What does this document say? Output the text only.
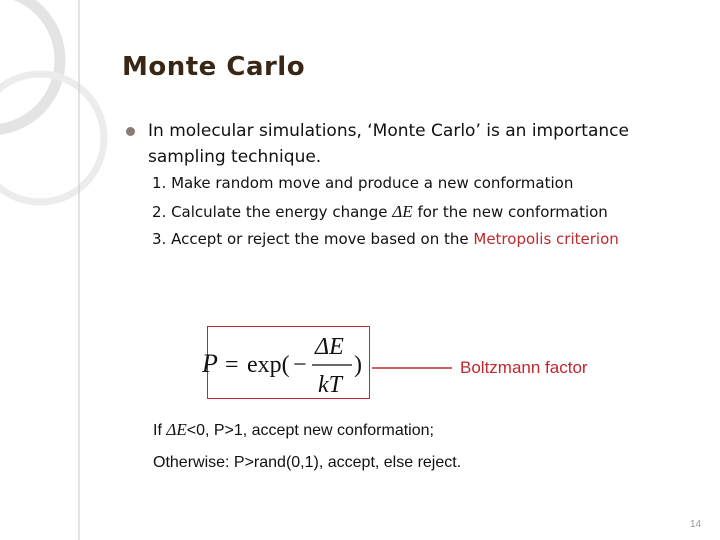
Monte Carlo
In molecular simulations, ‘Monte Carlo’ is an importance sampling technique.
1. Make random move and produce a new conformation
2. Calculate the energy change ΔE for the new conformation
3. Accept or reject the move based on the Metropolis criterion
P = exp( −
ΔE
kT
)	Boltzmann factor
If ΔE<0, P>1, accept new conformation;
Otherwise: P>rand(0,1), accept, else reject.
14
